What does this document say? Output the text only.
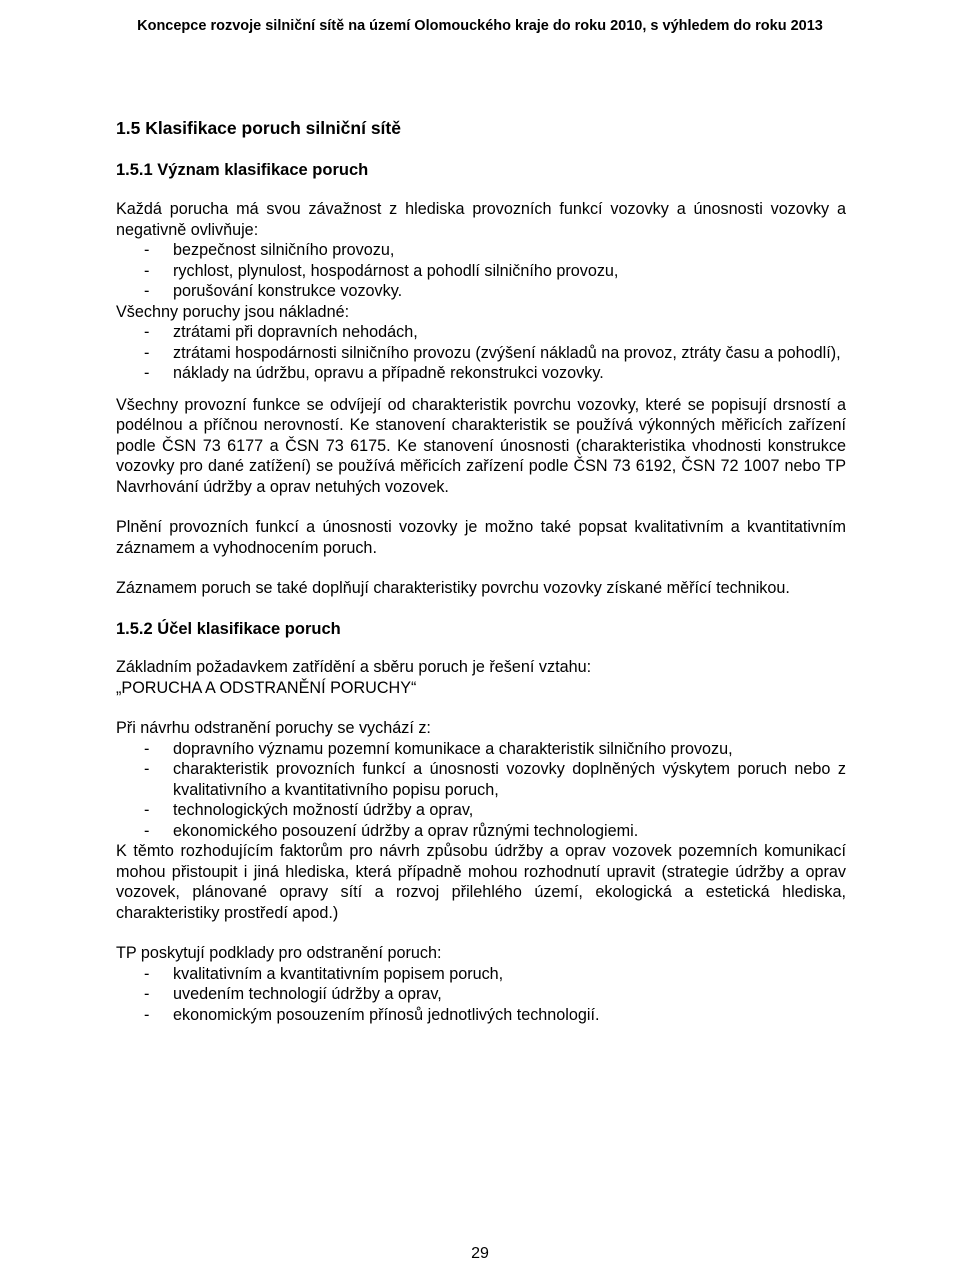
Koncepce rozvoje silniční sítě na území Olomouckého kraje do roku 2010, s výhledem do roku 2013
1.5 Klasifikace poruch silniční sítě
1.5.1 Význam klasifikace poruch

Každá porucha má svou závažnost z hlediska provozních funkcí vozovky a únosnosti vozovky a negativně ovlivňuje:

- bezpečnost silničního provozu,
- rychlost, plynulost, hospodárnost a pohodlí silničního provozu,
- porušování konstrukce vozovky.

Všechny poruchy jsou nákladné:

- ztrátami při dopravních nehodách,
- ztrátami hospodárnosti silničního provozu (zvýšení nákladů na provoz, ztráty času a pohodlí),
- náklady na údržbu, opravu a případně rekonstrukci vozovky.

Všechny provozní funkce se odvíjejí od charakteristik povrchu vozovky, které se popisují drsností a podélnou a příčnou nerovností. Ke stanovení charakteristik se používá výkonných měřicích zařízení podle ČSN 73 6177 a ČSN 73 6175. Ke stanovení únosnosti (charakteristika vhodnosti konstrukce vozovky pro dané zatížení) se používá měřicích zařízení podle ČSN 73 6192, ČSN 72 1007 nebo TP Navrhování údržby a oprav netuhých vozovek.

Plnění provozních funkcí a únosnosti vozovky je možno také popsat kvalitativním a kvantitativním záznamem a vyhodnocením poruch.

Záznamem poruch se také doplňují charakteristiky povrchu vozovky získané měřící technikou.

1.5.2 Účel klasifikace poruch

Základním požadavkem zatřídění a sběru poruch je řešení vztahu:

„PORUCHA A ODSTRANĚNÍ PORUCHY“

Při návrhu odstranění poruchy se vychází z:

- dopravního významu pozemní komunikace a charakteristik silničního provozu,
- charakteristik provozních funkcí a únosnosti vozovky doplněných výskytem poruch nebo z kvalitativního a kvantitativního popisu poruch,
- technologických možností údržby a oprav,
- ekonomického posouzení údržby a oprav různými technologiemi.

K těmto rozhodujícím faktorům pro návrh způsobu údržby a oprav vozovek pozemních komunikací mohou přistoupit i jiná hlediska, která případně mohou rozhodnutí upravit (strategie údržby a oprav vozovek, plánované opravy sítí a rozvoj přilehlého území, ekologická a estetická hlediska, charakteristiky prostředí apod.)

TP poskytují podklady pro odstranění poruch:

- kvalitativním a kvantitativním popisem poruch,
- uvedením technologií údržby a oprav,
- ekonomickým posouzením přínosů jednotlivých technologií.
29
